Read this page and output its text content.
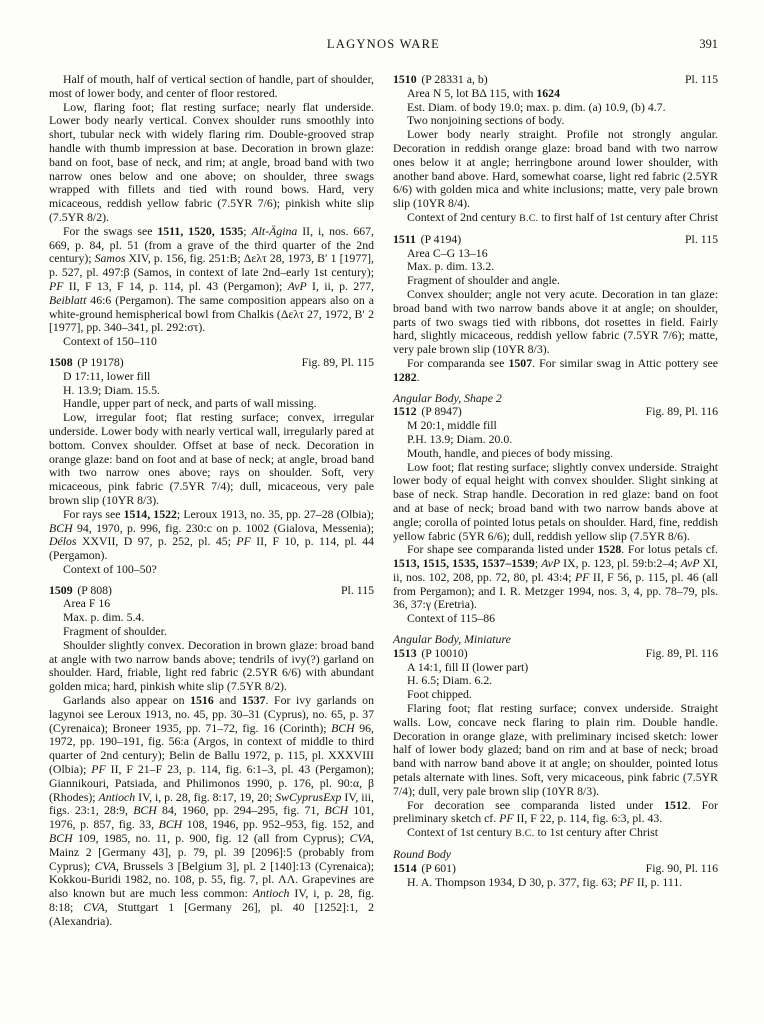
LAGYNOS WARE	391

Half of mouth, half of vertical section of handle, part of shoulder, most of lower body, and center of floor restored.

Low, flaring foot; flat resting surface; nearly flat underside. Lower body nearly vertical. Convex shoulder runs smoothly into short, tubular neck with widely flaring rim. Double-grooved strap handle with thumb impression at base. Decoration in brown glaze: band on foot, base of neck, and rim; at angle, broad band with two narrow ones below and one above; on shoulder, three swags wrapped with fillets and tied with round bows. Hard, very micaceous, reddish yellow fabric (7.5YR 7/6); pinkish white slip (7.5YR 8/2).

For the swags see 1511, 1520, 1535; Alt-Ägina II, i, nos. 667, 669, p. 84, pl. 51 (from a grave of the third quarter of the 2nd century); Samos XIV, p. 156, fig. 251:B; Δελτ 28, 1973, Β′ 1 [1977], p. 527, pl. 497:β (Samos, in context of late 2nd–early 1st century); PF II, F 13, F 14, p. 114, pl. 43 (Pergamon); AvP I, ii, p. 277, Beiblatt 46:6 (Pergamon). The same composition appears also on a white-ground hemispherical bowl from Chalkis (Δελτ 27, 1972, Β′ 2 [1977], pp. 340–341, pl. 292:στ).

Context of 150–110

1508 (P 19178)	Fig. 89, Pl. 115

D 17:11, lower fill

H. 13.9; Diam. 15.5.

Handle, upper part of neck, and parts of wall missing.

Low, irregular foot; flat resting surface; convex, irregular underside. Lower body with nearly vertical wall, irregularly pared at bottom. Convex shoulder. Offset at base of neck. Decoration in orange glaze: band on foot and at base of neck; at angle, broad band with two narrow ones above; rays on shoulder. Soft, very micaceous, pink fabric (7.5YR 7/4); dull, micaceous, very pale brown slip (10YR 8/3).

For rays see 1514, 1522; Leroux 1913, no. 35, pp. 27–28 (Olbia); BCH 94, 1970, p. 996, fig. 230:c on p. 1002 (Gialova, Messenia); Délos XXVII, D 97, p. 252, pl. 45; PF II, F 10, p. 114, pl. 44 (Pergamon).

Context of 100–50?

1509 (P 808)	Pl. 115

Area F 16

Max. p. dim. 5.4.

Fragment of shoulder.

Shoulder slightly convex. Decoration in brown glaze: broad band at angle with two narrow bands above; tendrils of ivy(?) garland on shoulder. Hard, friable, light red fabric (2.5YR 6/6) with abundant golden mica; hard, pinkish white slip (7.5YR 8/2).

Garlands also appear on 1516 and 1537. For ivy garlands on lagynoi see Leroux 1913, no. 45, pp. 30–31 (Cyprus), no. 65, p. 37 (Cyrenaica); Broneer 1935, pp. 71–72, fig. 16 (Corinth); BCH 96, 1972, pp. 190–191, fig. 56:a (Argos, in context of middle to third quarter of 2nd century); Belin de Ballu 1972, p. 115, pl. XXXVIII (Olbia); PF II, F 21–F 23, p. 114, fig. 6:1–3, pl. 43 (Pergamon); Giannikouri, Patsiada, and Philimonos 1990, p. 176, pl. 90:α, β (Rhodes); Antioch IV, i, p. 28, fig. 8:17, 19, 20; SwCyprusExp IV, iii, figs. 23:1, 28:9, BCH 84, 1960, pp. 294–295, fig. 71, BCH 101, 1976, p. 857, fig. 33, BCH 108, 1946, pp. 952–953, fig. 152, and BCH 109, 1985, no. 11, p. 900, fig. 12 (all from Cyprus); CVA, Mainz 2 [Germany 43], p. 79, pl. 39 [2096]:5 (probably from Cyprus); CVA, Brussels 3 [Belgium 3], pl. 2 [140]:13 (Cyrenaica); Kokkou-Buridi 1982, no. 108, p. 55, fig. 7, pl. ΛΛ. Grapevines are also known but are much less common: Antioch IV, i, p. 28, fig. 8:18; CVA, Stuttgart 1 [Germany 26], pl. 40 [1252]:1, 2 (Alexandria).

1510 (P 28331 a, b)	Pl. 115

Area N 5, lot ΒΔ 115, with 1624

Est. Diam. of body 19.0; max. p. dim. (a) 10.9, (b) 4.7.

Two nonjoining sections of body.

Lower body nearly straight. Profile not strongly angular. Decoration in reddish orange glaze: broad band with two narrow ones below it at angle; herringbone around lower shoulder, with another band above. Hard, somewhat coarse, light red fabric (2.5YR 6/6) with golden mica and white inclusions; matte, very pale brown slip (10YR 8/4).

Context of 2nd century B.C. to first half of 1st century after Christ

1511 (P 4194)	Pl. 115

Area C–G 13–16

Max. p. dim. 13.2.

Fragment of shoulder and angle.

Convex shoulder; angle not very acute. Decoration in tan glaze: broad band with two narrow bands above it at angle; on shoulder, parts of two swags tied with ribbons, dot rosettes in field. Fairly hard, slightly micaceous, reddish yellow fabric (7.5YR 7/6); matte, very pale brown slip (10YR 8/3).

For comparanda see 1507. For similar swag in Attic pottery see 1282.

Angular Body, Shape 2

1512 (P 8947)	Fig. 89, Pl. 116

M 20:1, middle fill

P.H. 13.9; Diam. 20.0.

Mouth, handle, and pieces of body missing.

Low foot; flat resting surface; slightly convex underside. Straight lower body of equal height with convex shoulder. Slight sinking at base of neck. Strap handle. Decoration in red glaze: band on foot and at base of neck; broad band with two narrow bands above at angle; corolla of pointed lotus petals on shoulder. Hard, fine, reddish yellow fabric (5YR 6/6); dull, reddish yellow slip (7.5YR 8/6).

For shape see comparanda listed under 1528. For lotus petals cf. 1513, 1515, 1535, 1537–1539; AvP IX, p. 123, pl. 59:b:2–4; AvP XI, ii, nos. 102, 208, pp. 72, 80, pl. 43:4; PF II, F 56, p. 115, pl. 46 (all from Pergamon); and I. R. Metzger 1994, nos. 3, 4, pp. 78–79, pls. 36, 37:γ (Eretria).

Context of 115–86

Angular Body, Miniature

1513 (P 10010)	Fig. 89, Pl. 116

A 14:1, fill II (lower part)

H. 6.5; Diam. 6.2.

Foot chipped.

Flaring foot; flat resting surface; convex underside. Straight walls. Low, concave neck flaring to plain rim. Double handle. Decoration in orange glaze, with preliminary incised sketch: lower half of lower body glazed; band on rim and at base of neck; broad band with narrow band above it at angle; on shoulder, pointed lotus petals alternate with lines. Soft, very micaceous, pink fabric (7.5YR 7/4); dull, very pale brown slip (10YR 8/3).

For decoration see comparanda listed under 1512. For preliminary sketch cf. PF II, F 22, p. 114, fig. 6:3, pl. 43.

Context of 1st century B.C. to 1st century after Christ

Round Body

1514 (P 601)	Fig. 90, Pl. 116

H. A. Thompson 1934, D 30, p. 377, fig. 63; PF II, p. 111.
